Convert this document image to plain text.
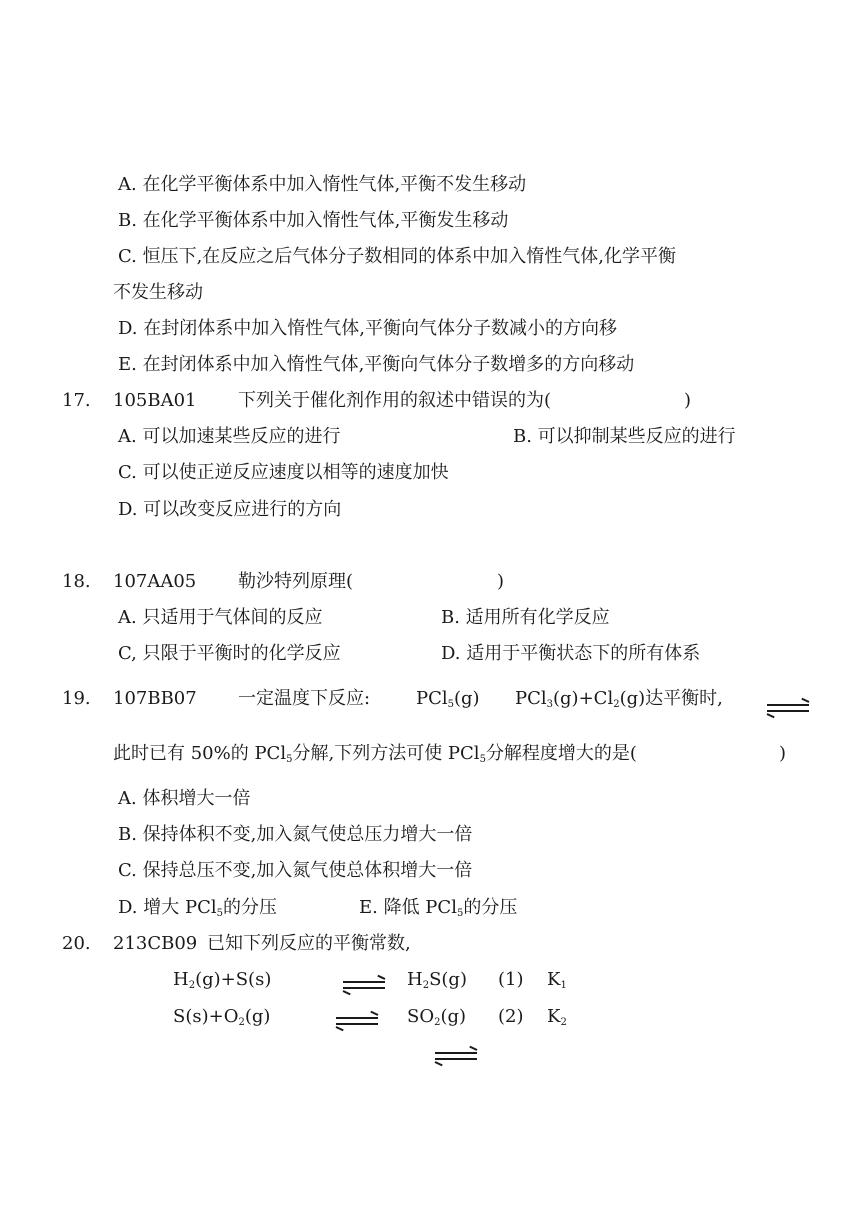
A. 在化学平衡体系中加入惰性气体,平衡不发生移动
B. 在化学平衡体系中加入惰性气体,平衡发生移动
C. 恒压下,在反应之后气体分子数相同的体系中加入惰性气体,化学平衡
不发生移动
D. 在封闭体系中加入惰性气体,平衡向气体分子数减小的方向移
E. 在封闭体系中加入惰性气体,平衡向气体分子数增多的方向移动
17. 105BA01 下列关于催化剂作用的叙述中错误的为(	)
A. 可以加速某些反应的进行	B. 可以抑制某些反应的进行
C. 可以使正逆反应速度以相等的速度加快
D. 可以改变反应进行的方向
18. 107AA05 勒沙特列原理(	)
A. 只适用于气体间的反应	B. 适用所有化学反应
C, 只限于平衡时的化学反应	D. 适用于平衡状态下的所有体系
19. 107BB07 一定温度下反应:	PCl$_5$(g) $PCl_3(g)+Cl_2(g)$达平衡时,
此时已有 50%的 PCl$_5$分解,下列方法可使 PCl$_5$分解程度增大的是(	)
A. 体积增大一倍
B. 保持体积不变,加入氮气使总压力增大一倍
C. 保持总压不变,加入氮气使总体积增大一倍
D. 增大 PCl$_5$的分压	E. 降低 PCl$_5$的分压
20. 213CB09 已知下列反应的平衡常数,
$H_2(g)+S(s)$	$H_2S(g)$ (1) $K_1$
$S(s)+O_2(g)$	$SO_2(g)$ (2) $K_2$
